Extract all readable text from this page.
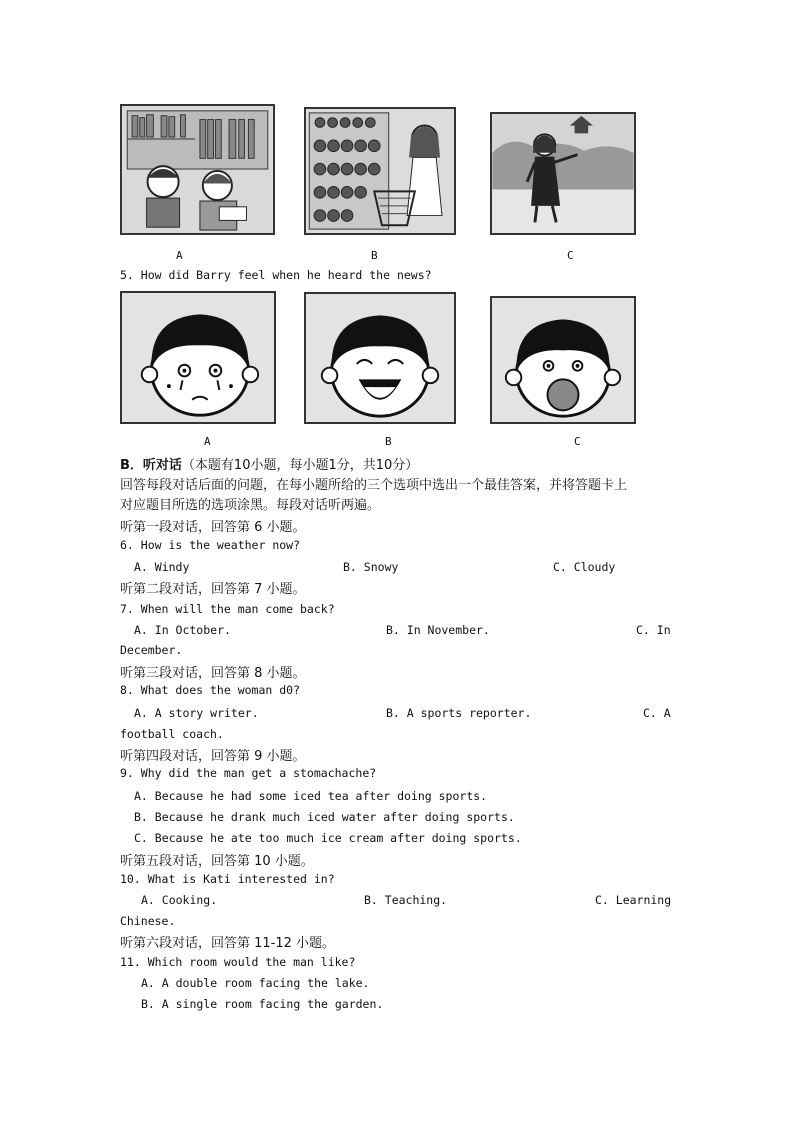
A	B	C
5. How did Barry feel when he heard the news?
A	B	C
B．听对话（本题有10小题，每小题1分，共10分）
回答每段对话后面的问题，在每小题所给的三个选项中选出一个最佳答案，并将答题卡上
对应题目所选的选项涂黑。每段对话听两遍。
听第一段对话，回答第 6 小题。
6. How is the weather now?
A. Windy	B. Snowy	C. Cloudy
听第二段对话，回答第 7 小题。
7. When will the man come back?
A. In October.	B. In November.	C. In
December.
听第三段对话，回答第 8 小题。
8. What does the woman d0?
A. A story writer.	B. A sports reporter.	C. A
football coach.
听第四段对话，回答第 9 小题。
9. Why did the man get a stomachache?
A. Because he had some iced tea after doing sports.
B. Because he drank much iced water after doing sports.
C. Because he ate too much ice cream after doing sports.
听第五段对话，回答第 10 小题。
10. What is Kati interested in?
A. Cooking.	B. Teaching.	C. Learning
Chinese.
听第六段对话，回答第 11-12 小题。
11. Which room would the man like?
A. A double room facing the lake.
B. A single room facing the garden.
